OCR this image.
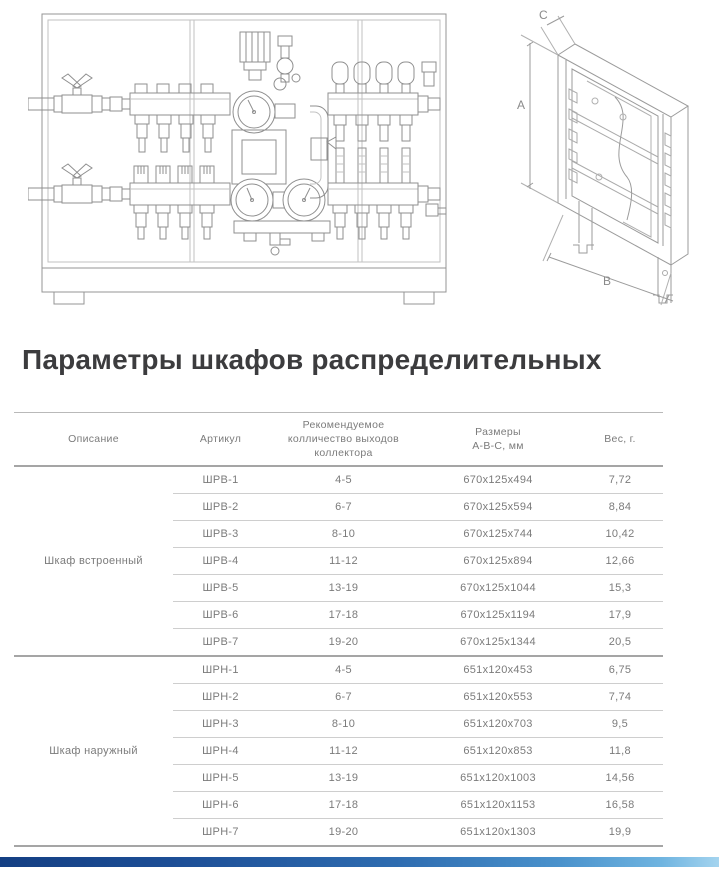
A
C
B
Параметры шкафов распределительных
Описание	Артикул	Рекомендуемое
колличество выходов
коллектора	Размеры
А-В-С, мм	Вес, г.
Шкаф встроенный	ШРВ-1	4-5	670x125x494	7,72
	ШРВ-2	6-7	670x125x594	8,84
	ШРВ-3	8-10	670x125x744	10,42
	ШРВ-4	11-12	670x125x894	12,66
	ШРВ-5	13-19	670x125x1044	15,3
	ШРВ-6	17-18	670x125x1194	17,9
	ШРВ-7	19-20	670x125x1344	20,5
Шкаф наружный	ШРН-1	4-5	651x120x453	6,75
	ШРН-2	6-7	651x120x553	7,74
	ШРН-3	8-10	651x120x703	9,5
	ШРН-4	11-12	651x120x853	11,8
	ШРН-5	13-19	651x120x1003	14,56
	ШРН-6	17-18	651x120x1153	16,58
	ШРН-7	19-20	651x120x1303	19,9
